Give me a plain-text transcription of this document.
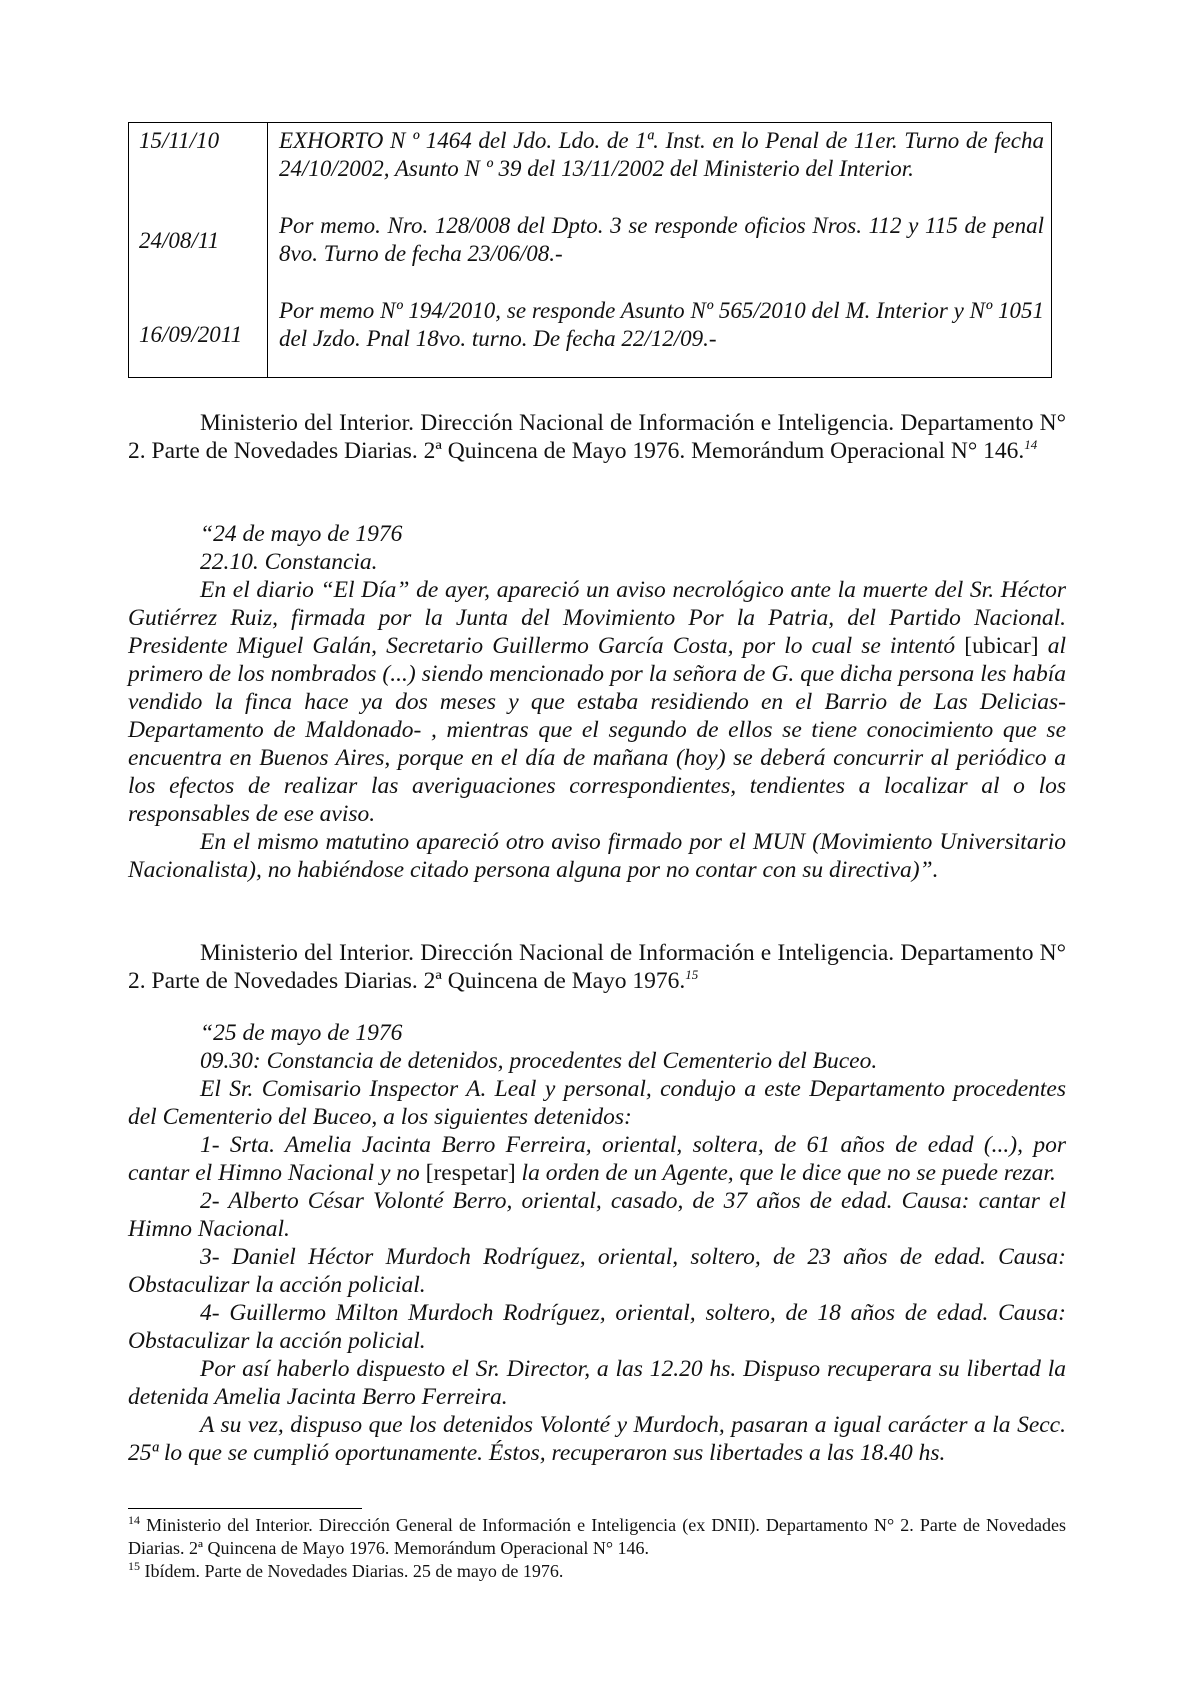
15/11/10	EXHORTO N º 1464 del Jdo. Ldo. de 1ª. Inst. en lo Penal de 11er. Turno de fecha 24/10/2002, Asunto N º 39 del 13/11/2002 del Ministerio del Interior.
24/08/11
Por memo. Nro. 128/008 del Dpto. 3 se responde oficios Nros. 112 y 115 de penal 8vo. Turno de fecha 23/06/08.-
16/09/2011
Por memo Nº 194/2010, se responde Asunto Nº 565/2010 del M. Interior y Nº 1051 del Jzdo. Pnal 18vo. turno. De fecha 22/12/09.-

Ministerio del Interior. Dirección Nacional de Información e Inteligencia. Departamento N° 2. Parte de Novedades Diarias. 2ª Quincena de Mayo 1976. Memorándum Operacional N° 146.14

“24 de mayo de 1976
22.10. Constancia.

En el diario “El Día” de ayer, apareció un aviso necrológico ante la muerte del Sr. Héctor Gutiérrez Ruiz, firmada por la Junta del Movimiento Por la Patria, del Partido Nacional. Presidente Miguel Galán, Secretario Guillermo García Costa, por lo cual se intentó [ubicar] al primero de los nombrados (...) siendo mencionado por la señora de G. que dicha persona les había vendido la finca hace ya dos meses y que estaba residiendo en el Barrio de Las Delicias- Departamento de Maldonado- , mientras que el segundo de ellos se tiene conocimiento que se encuentra en Buenos Aires, porque en el día de mañana (hoy) se deberá concurrir al periódico a los efectos de realizar las averiguaciones correspondientes, tendientes a localizar al o los responsables de ese aviso.

En el mismo matutino apareció otro aviso firmado por el MUN (Movimiento Universitario Nacionalista), no habiéndose citado persona alguna por no contar con su directiva)”.

Ministerio del Interior. Dirección Nacional de Información e Inteligencia. Departamento N° 2. Parte de Novedades Diarias. 2ª Quincena de Mayo 1976.15

“25 de mayo de 1976
09.30: Constancia de detenidos, procedentes del Cementerio del Buceo.

El Sr. Comisario Inspector A. Leal y personal, condujo a este Departamento procedentes del Cementerio del Buceo, a los siguientes detenidos:

1- Srta. Amelia Jacinta Berro Ferreira, oriental, soltera, de 61 años de edad (...), por cantar el Himno Nacional y no [respetar] la orden de un Agente, que le dice que no se puede rezar.

2- Alberto César Volonté Berro, oriental, casado, de 37 años de edad. Causa: cantar el Himno Nacional.

3- Daniel Héctor Murdoch Rodríguez, oriental, soltero, de 23 años de edad. Causa: Obstaculizar la acción policial.

4- Guillermo Milton Murdoch Rodríguez, oriental, soltero, de 18 años de edad. Causa: Obstaculizar la acción policial.

Por así haberlo dispuesto el Sr. Director, a las 12.20 hs. Dispuso recuperara su libertad la detenida Amelia Jacinta Berro Ferreira.

A su vez, dispuso que los detenidos Volonté y Murdoch, pasaran a igual carácter a la Secc. 25ª lo que se cumplió oportunamente. Éstos, recuperaron sus libertades a las 18.40 hs.

$^{14}$ Ministerio del Interior. Dirección General de Información e Inteligencia (ex DNII). Departamento N° 2. Parte de Novedades Diarias. 2ª Quincena de Mayo 1976. Memorándum Operacional N° 146.

$^{15}$ Ibídem. Parte de Novedades Diarias. 25 de mayo de 1976.
